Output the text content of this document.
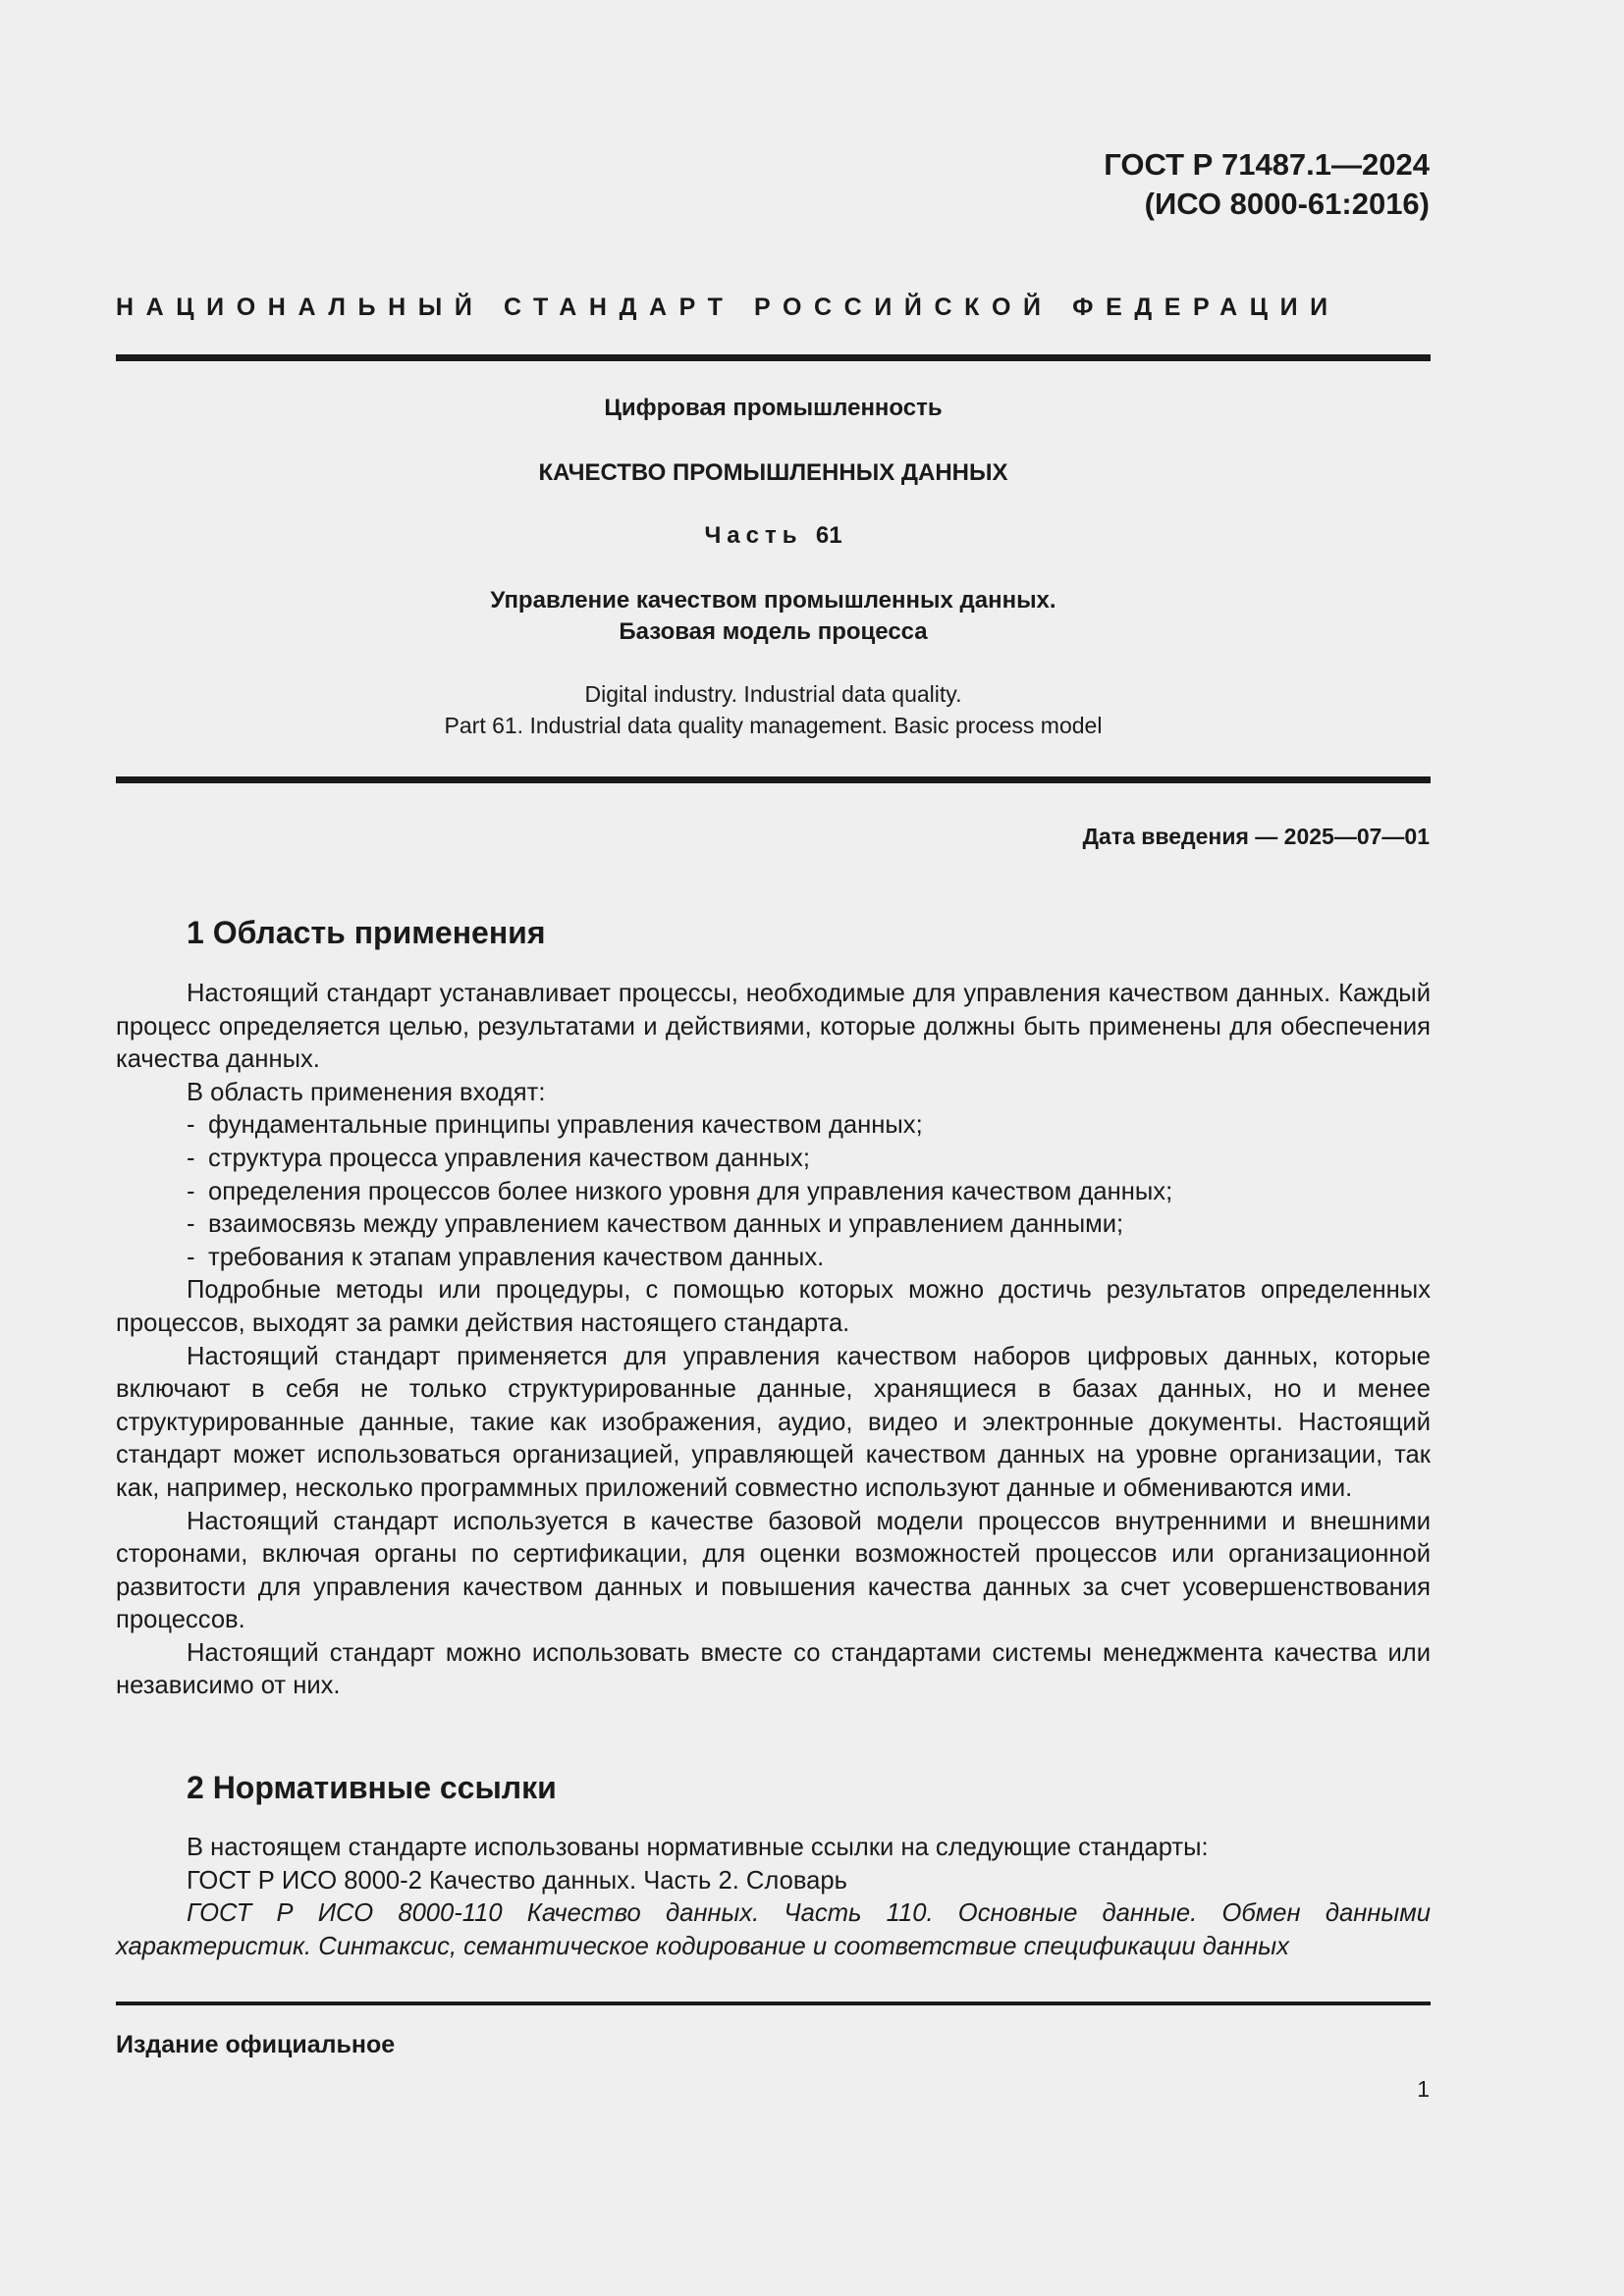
ГОСТ Р 71487.1—2024
(ИСО 8000-61:2016)
НАЦИОНАЛЬНЫЙ СТАНДАРТ РОССИЙСКОЙ ФЕДЕРАЦИИ
Цифровая промышленность
КАЧЕСТВО ПРОМЫШЛЕННЫХ ДАННЫХ
Часть 61
Управление качеством промышленных данных.
Базовая модель процесса
Digital industry. Industrial data quality.
Part 61. Industrial data quality management. Basic process model
Дата введения — 2025—07—01
1 Область применения

Настоящий стандарт устанавливает процессы, необходимые для управления качеством данных. Каждый процесс определяется целью, результатами и действиями, которые должны быть применены для обеспечения качества данных.

В область применения входят:

- фундаментальные принципы управления качеством данных;
- структура процесса управления качеством данных;
- определения процессов более низкого уровня для управления качеством данных;
- взаимосвязь между управлением качеством данных и управлением данными;
- требования к этапам управления качеством данных.

Подробные методы или процедуры, с помощью которых можно достичь результатов определенных процессов, выходят за рамки действия настоящего стандарта.

Настоящий стандарт применяется для управления качеством наборов цифровых данных, которые включают в себя не только структурированные данные, хранящиеся в базах данных, но и менее структурированные данные, такие как изображения, аудио, видео и электронные документы. Настоящий стандарт может использоваться организацией, управляющей качеством данных на уровне организации, так как, например, несколько программных приложений совместно используют данные и обмениваются ими.

Настоящий стандарт используется в качестве базовой модели процессов внутренними и внешними сторонами, включая органы по сертификации, для оценки возможностей процессов или организационной развитости для управления качеством данных и повышения качества данных за счет усовершенствования процессов.

Настоящий стандарт можно использовать вместе со стандартами системы менеджмента качества или независимо от них.

2 Нормативные ссылки

В настоящем стандарте использованы нормативные ссылки на следующие стандарты:

ГОСТ Р ИСО 8000-2 Качество данных. Часть 2. Словарь

ГОСТ Р ИСО 8000-110 Качество данных. Часть 110. Основные данные. Обмен данными характеристик. Синтаксис, семантическое кодирование и соответствие спецификации данных

Издание официальное
1
